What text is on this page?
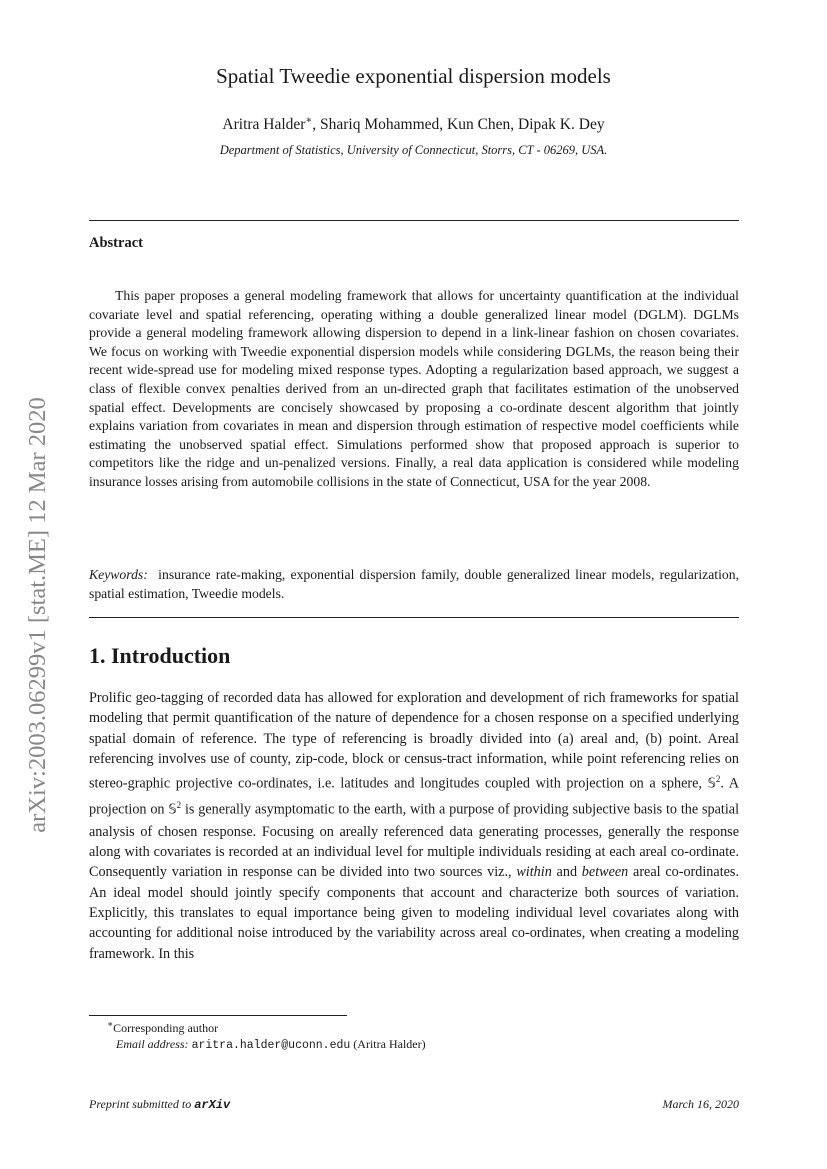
arXiv:2003.06299v1 [stat.ME] 12 Mar 2020
Spatial Tweedie exponential dispersion models
Aritra Halder∗, Shariq Mohammed, Kun Chen, Dipak K. Dey
Department of Statistics, University of Connecticut, Storrs, CT - 06269, USA.
Abstract
This paper proposes a general modeling framework that allows for uncertainty quantification at the individual covariate level and spatial referencing, operating withing a double generalized linear model (DGLM). DGLMs provide a general modeling framework allowing dispersion to depend in a link-linear fashion on chosen covariates. We focus on working with Tweedie exponential dispersion models while considering DGLMs, the reason being their recent wide-spread use for modeling mixed response types. Adopting a regularization based approach, we suggest a class of flexible convex penalties derived from an un-directed graph that facilitates estimation of the unobserved spatial effect. Developments are concisely showcased by proposing a co-ordinate descent algorithm that jointly explains variation from covariates in mean and dispersion through estimation of respective model coefficients while estimating the unobserved spatial effect. Simulations performed show that proposed approach is superior to competitors like the ridge and un-penalized versions. Finally, a real data application is considered while modeling insurance losses arising from automobile collisions in the state of Connecticut, USA for the year 2008.
Keywords: insurance rate-making, exponential dispersion family, double generalized linear models, regularization, spatial estimation, Tweedie models.
1. Introduction
Prolific geo-tagging of recorded data has allowed for exploration and development of rich frameworks for spatial modeling that permit quantification of the nature of dependence for a chosen response on a specified underlying spatial domain of reference. The type of referencing is broadly divided into (a) areal and, (b) point. Areal referencing involves use of county, zip-code, block or census-tract information, while point referencing relies on stereo-graphic projective co-ordinates, i.e. latitudes and longitudes coupled with projection on a sphere, 𝕊$^2$. A projection on 𝕊$^2$ is generally asymptomatic to the earth, with a purpose of providing subjective basis to the spatial analysis of chosen response. Focusing on areally referenced data generating processes, generally the response along with covariates is recorded at an individual level for multiple individuals residing at each areal co-ordinate. Consequently variation in response can be divided into two sources viz., within and between areal co-ordinates. An ideal model should jointly specify components that account and characterize both sources of variation. Explicitly, this translates to equal importance being given to modeling individual level covariates along with accounting for additional noise introduced by the variability across areal co-ordinates, when creating a modeling framework. In this
∗Corresponding author
Email address: aritra.halder@uconn.edu (Aritra Halder)
Preprint submitted to arXiv	March 16, 2020
